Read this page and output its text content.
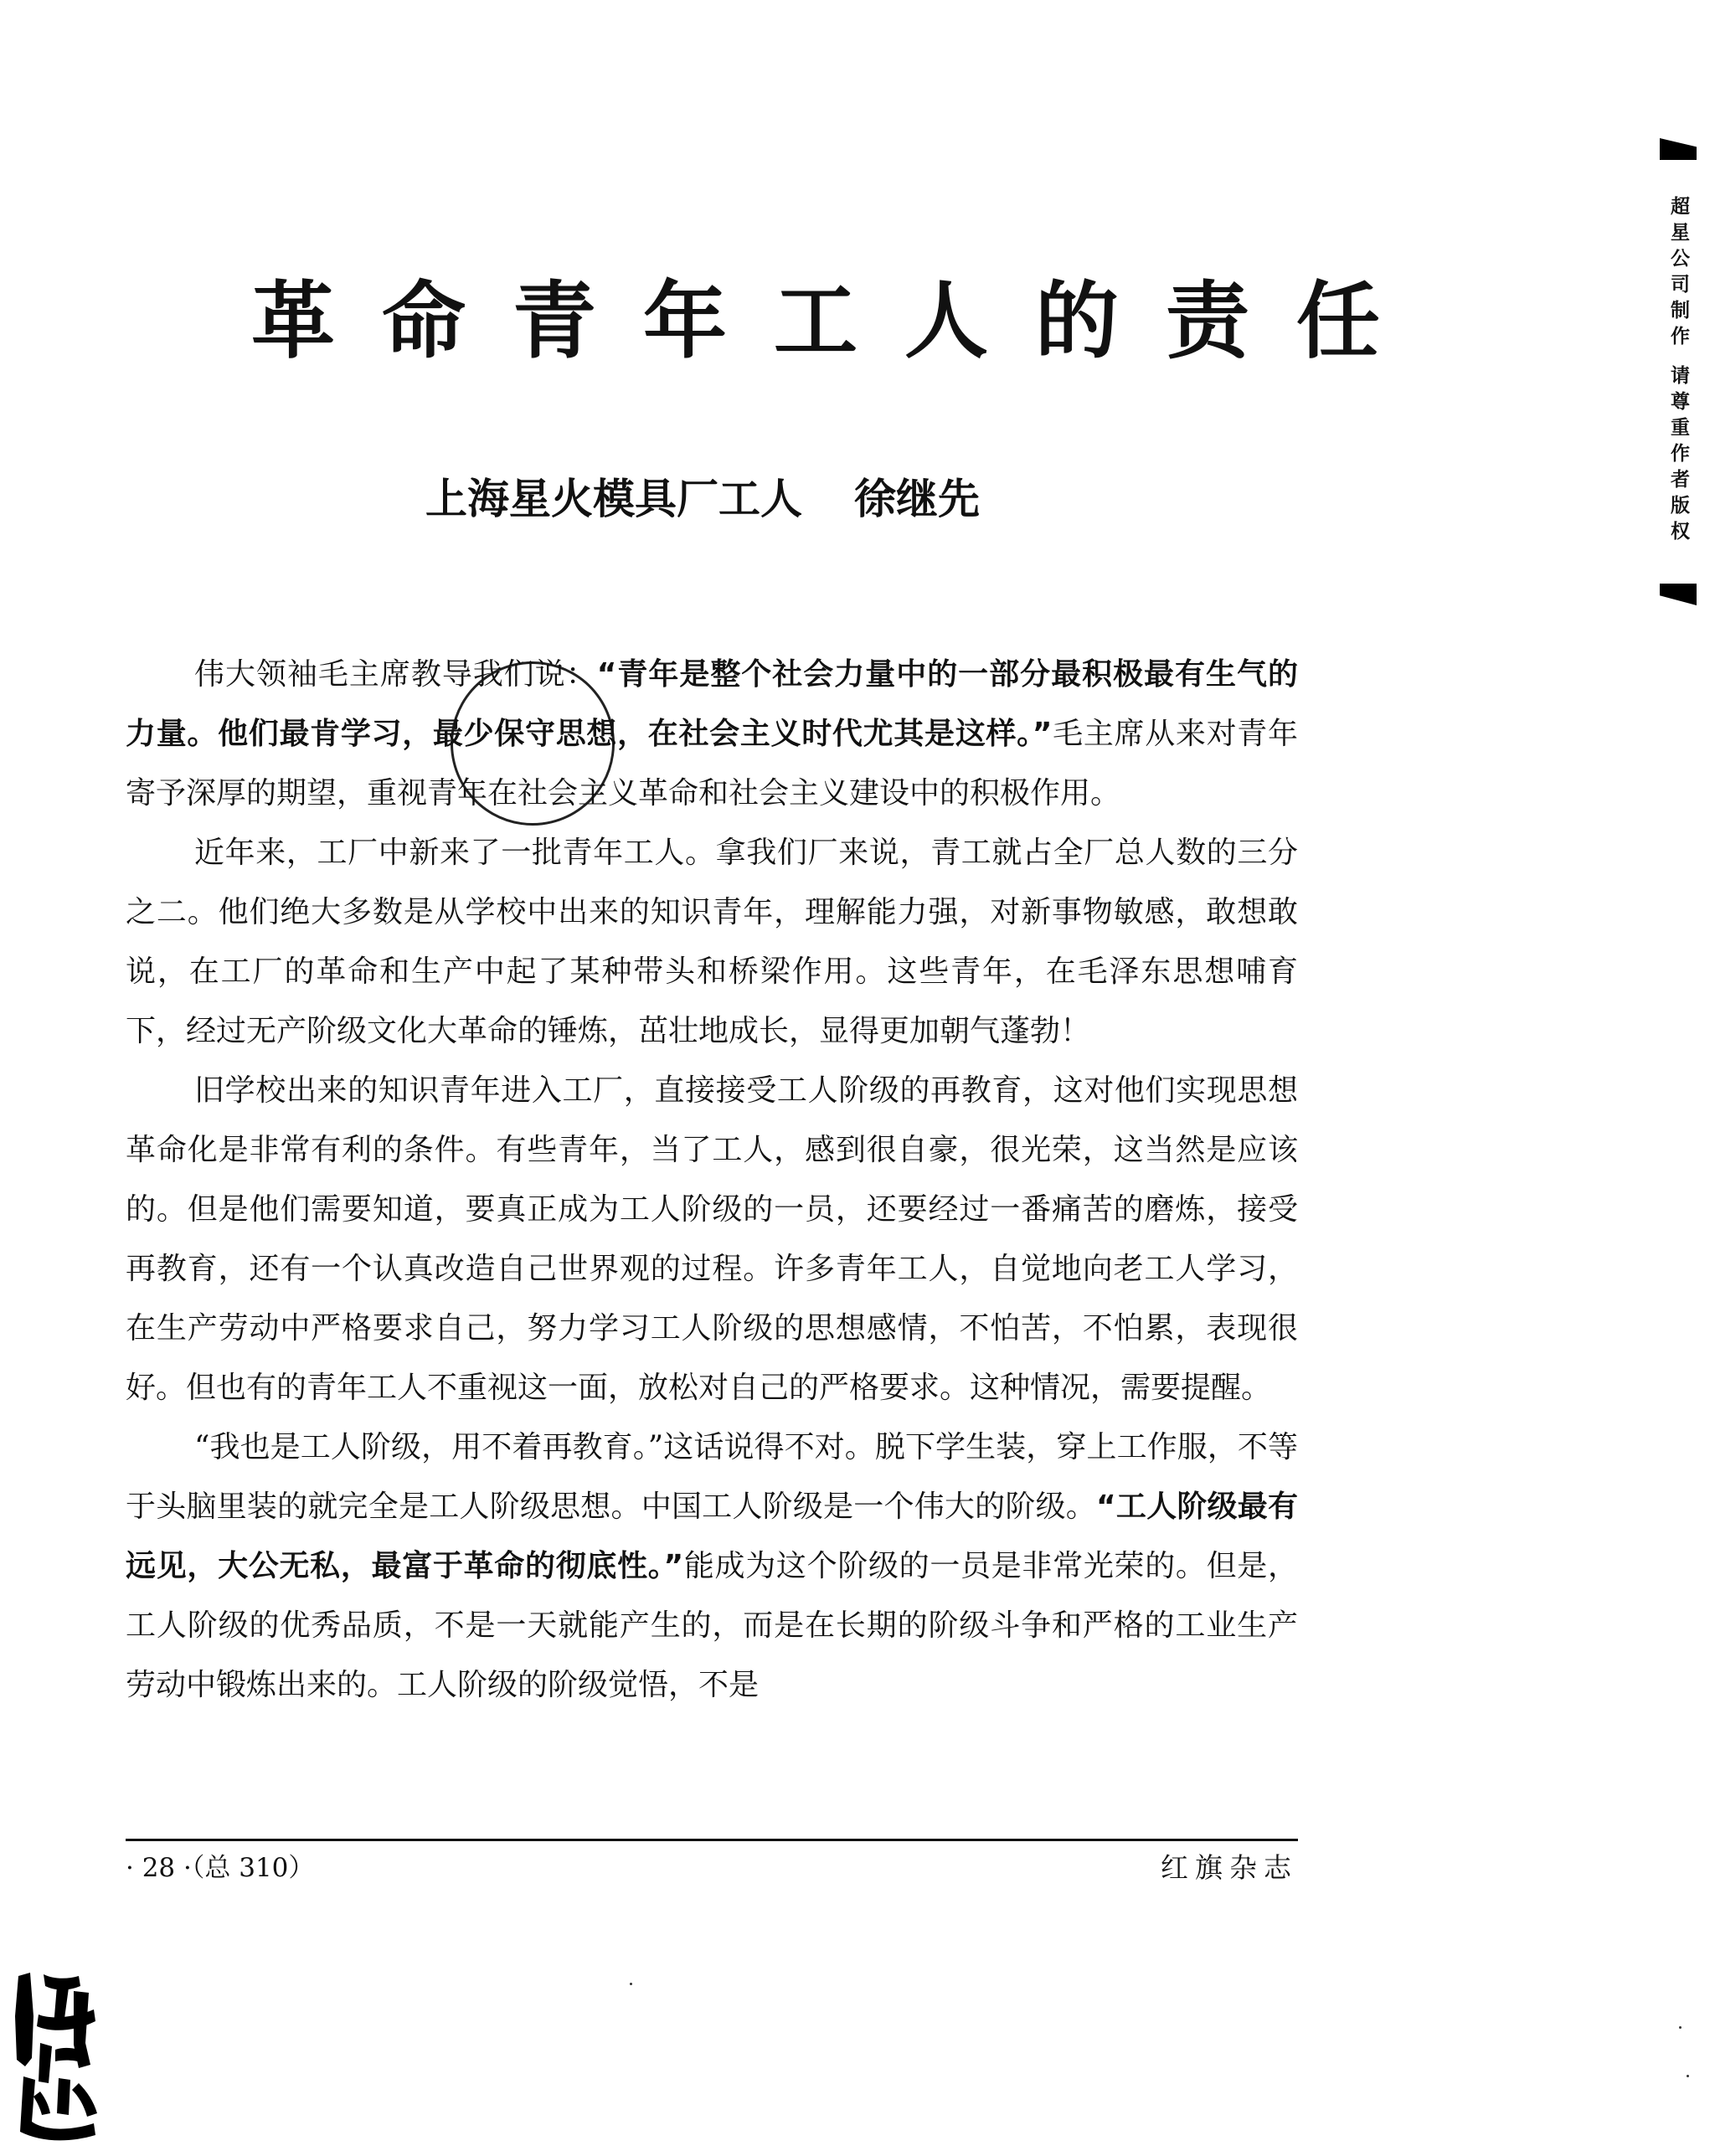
革命青年工人的责任
上海星火模具厂工人 徐继先

伟大领袖毛主席教导我们说：“青年是整个社会力量中的一部分最积极最有生气的力量。他们最肯学习，最少保守思想，在社会主义时代尤其是这样。”毛主席从来对青年寄予深厚的期望，重视青年在社会主义革命和社会主义建设中的积极作用。

近年来，工厂中新来了一批青年工人。拿我们厂来说，青工就占全厂总人数的三分之二。他们绝大多数是从学校中出来的知识青年，理解能力强，对新事物敏感，敢想敢说，在工厂的革命和生产中起了某种带头和桥梁作用。这些青年，在毛泽东思想哺育下，经过无产阶级文化大革命的锤炼，茁壮地成长，显得更加朝气蓬勃！

旧学校出来的知识青年进入工厂，直接接受工人阶级的再教育，这对他们实现思想革命化是非常有利的条件。有些青年，当了工人，感到很自豪，很光荣，这当然是应该的。但是他们需要知道，要真正成为工人阶级的一员，还要经过一番痛苦的磨炼，接受再教育，还有一个认真改造自己世界观的过程。许多青年工人，自觉地向老工人学习，在生产劳动中严格要求自己，努力学习工人阶级的思想感情，不怕苦，不怕累，表现很好。但也有的青年工人不重视这一面，放松对自己的严格要求。这种情况，需要提醒。

“我也是工人阶级，用不着再教育。”这话说得不对。脱下学生装，穿上工作服，不等于头脑里装的就完全是工人阶级思想。中国工人阶级是一个伟大的阶级。“工人阶级最有远见，大公无私，最富于革命的彻底性。”能成为这个阶级的一员是非常光荣的。但是，工人阶级的优秀品质，不是一天就能产生的，而是在长期的阶级斗争和严格的工业生产劳动中锻炼出来的。工人阶级的阶级觉悟，不是

· 28 ·（总 310）	红旗杂志
超星公司制作 请尊重作者版权
